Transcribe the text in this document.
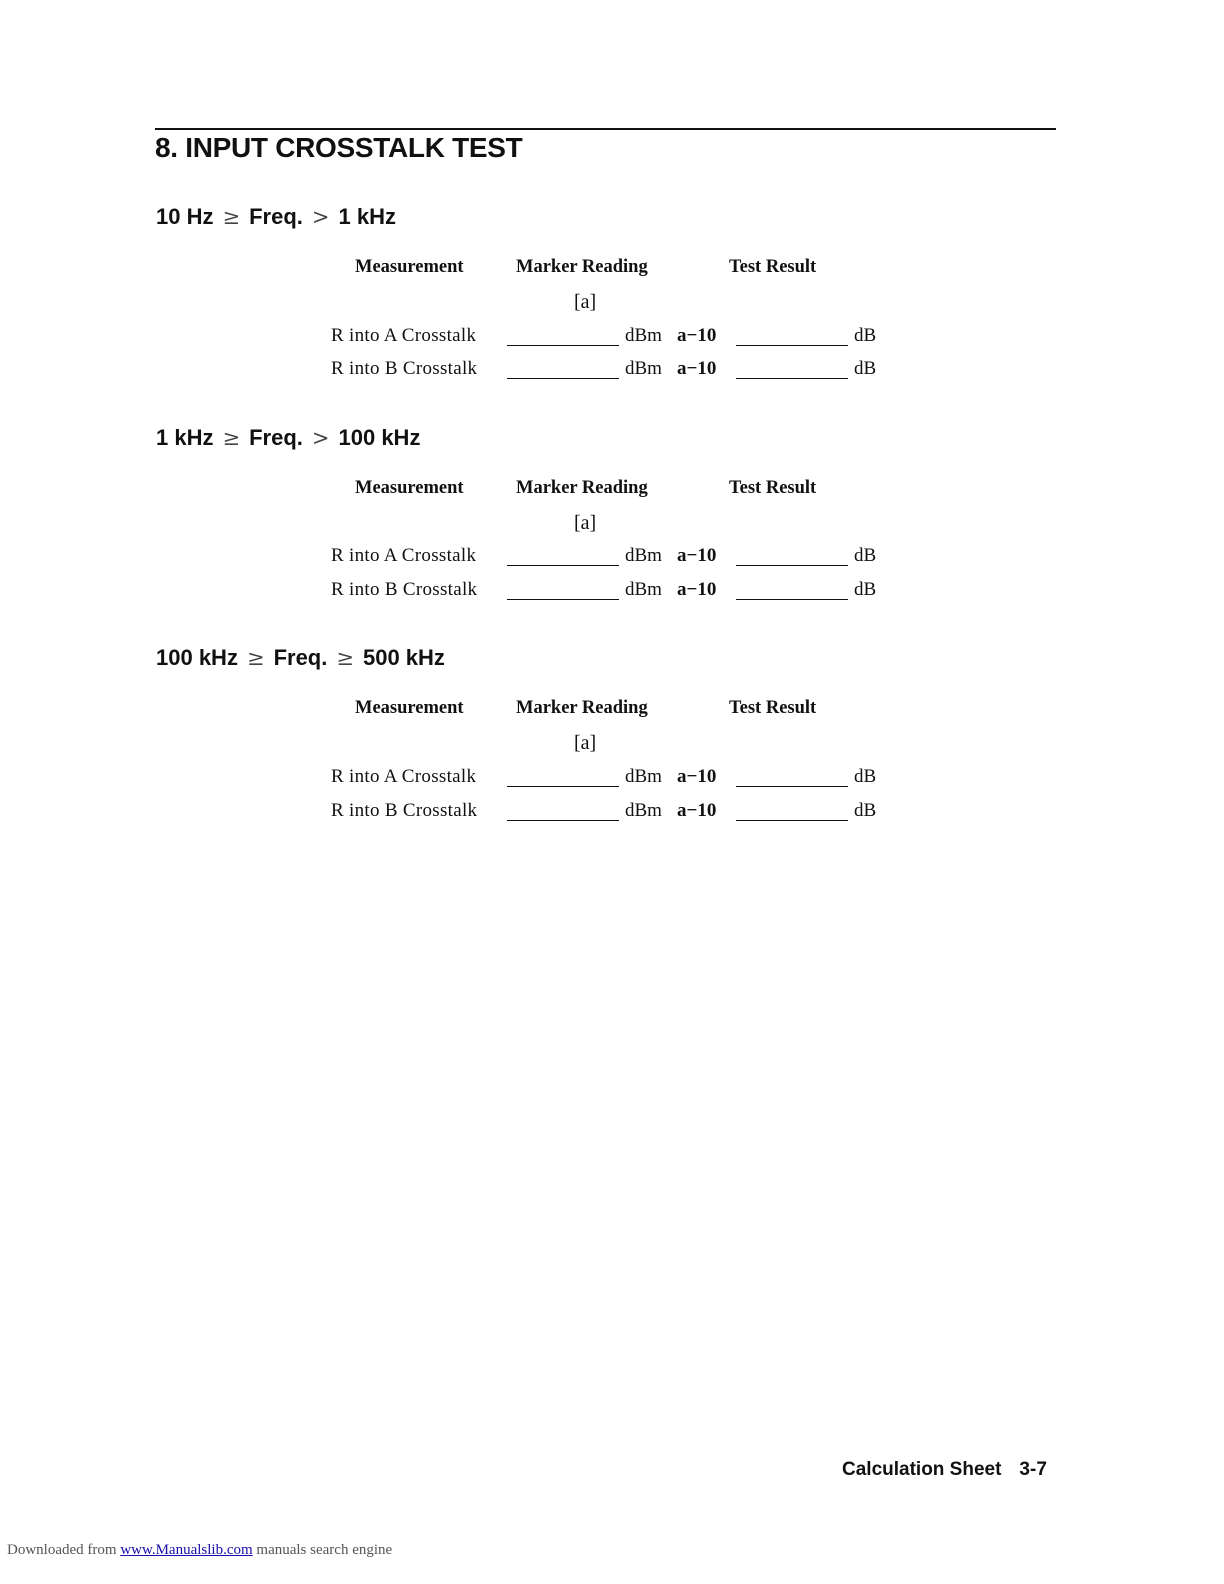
8. INPUT CROSSTALK TEST
10 Hz ≥ Freq. > 1 kHz
Measurement	Marker Reading	Test Result
[a]
R into A Crosstalk	dBm a−10	dB
R into B Crosstalk	dBm a−10	dB
1 kHz ≥ Freq. > 100 kHz
Measurement	Marker Reading	Test Result
[a]
R into A Crosstalk	dBm a−10	dB
R into B Crosstalk	dBm a−10	dB
100 kHz ≥ Freq. ≥ 500 kHz
Measurement	Marker Reading	Test Result
[a]
R into A Crosstalk	dBm a−10	dB
R into B Crosstalk	dBm a−10	dB
Calculation Sheet 3-7
Downloaded from www.Manualslib.com manuals search engine
